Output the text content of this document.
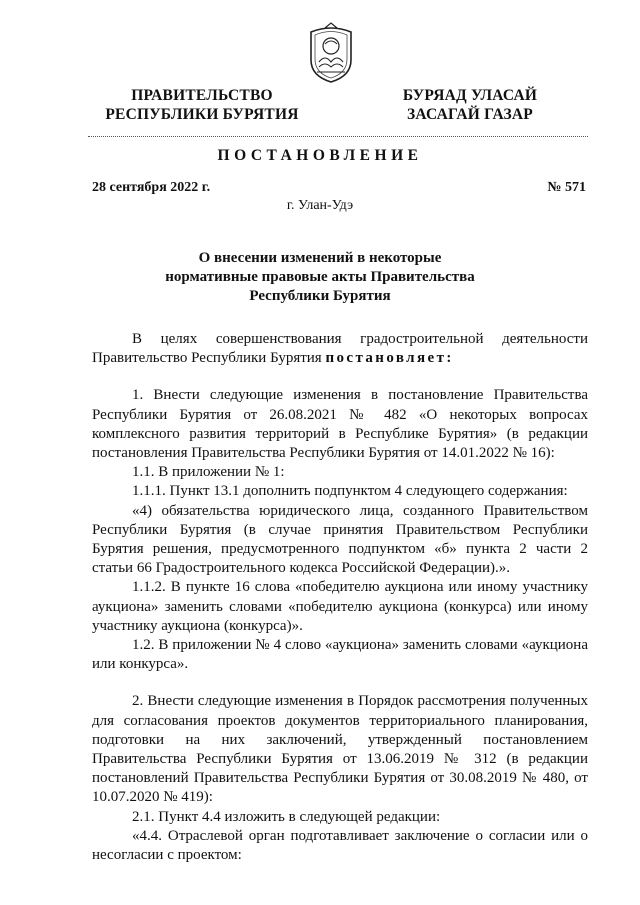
ПРАВИТЕЛЬСТВО
РЕСПУБЛИКИ БУРЯТИЯ
БУРЯАД УЛАСАЙ
ЗАСАГАЙ ГАЗАР
ПОСТАНОВЛЕНИЕ
28 сентября 2022 г.	№ 571
г. Улан-Удэ
О внесении изменений в некоторые
нормативные правовые акты Правительства
Республики Бурятия

В целях совершенствования градостроительной деятельности Правительство Республики Бурятия постановляет:

1. Внести следующие изменения в постановление Правительства Республики Бурятия от 26.08.2021 № 482 «О некоторых вопросах комплексного развития территорий в Республике Бурятия» (в редакции постановления Правительства Республики Бурятия от 14.01.2022 № 16):

1.1. В приложении № 1:

1.1.1. Пункт 13.1 дополнить подпунктом 4 следующего содержания:

«4) обязательства юридического лица, созданного Правительством Республики Бурятия (в случае принятия Правительством Республики Бурятия решения, предусмотренного подпунктом «б» пункта 2 части 2 статьи 66 Градостроительного кодекса Российской Федерации).».

1.1.2. В пункте 16 слова «победителю аукциона или иному участнику аукциона» заменить словами «победителю аукциона (конкурса) или иному участнику аукциона (конкурса)».

1.2. В приложении № 4 слово «аукциона» заменить словами «аукциона или конкурса».

2. Внести следующие изменения в Порядок рассмотрения полученных для согласования проектов документов территориального планирования, подготовки на них заключений, утвержденный постановлением Правительства Республики Бурятия от 13.06.2019 № 312 (в редакции постановлений Правительства Республики Бурятия от 30.08.2019 № 480, от 10.07.2020 № 419):

2.1. Пункт 4.4 изложить в следующей редакции:

«4.4. Отраслевой орган подготавливает заключение о согласии или о несогласии с проектом:
